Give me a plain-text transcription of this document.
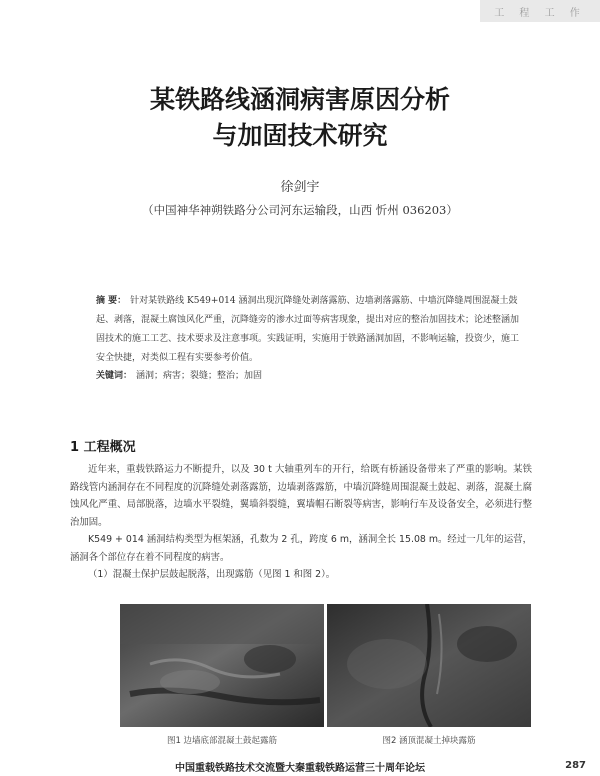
工 程 工 作
某铁路线涵洞病害原因分析
与加固技术研究
徐剑宇
（中国神华神朔铁路分公司河东运输段，山西 忻州 036203）
摘 要： 针对某铁路线 K549+014 涵洞出现沉降缝处剥落露筋、边墙剥落露筋、中墙沉降缝周围混凝土鼓起、剥落，混凝土腐蚀风化严重，沉降缝旁的渗水过面等病害现象，提出对应的整治加固技术；论述整涵加固技术的施工工艺、技术要求及注意事项。实践证明，实施用于铁路涵洞加固，不影响运输，投资少，施工安全快捷，对类似工程有实要参考价值。
关键词： 涵洞；病害；裂缝；整治；加固
1 工程概况

近年来，重载铁路运力不断提升，以及 30 t 大轴重列车的开行，给既有桥涵设备带来了严重的影响。某铁路线管内涵洞存在不同程度的沉降缝处剥落露筋，边墙剥落露筋，中墙沉降缝周围混凝土鼓起、剥落，混凝土腐蚀风化严重、局部脱落，边墙水平裂缝，翼墙斜裂缝，翼墙帽石断裂等病害，影响行车及设备安全，必须进行整治加固。

K549 + 014 涵洞结构类型为框架涵，孔数为 2 孔，跨度 6 m，涵洞全长 15.08 m。经过一几年的运营，涵洞各个部位存在着不同程度的病害。

（1）混凝土保护层鼓起脱落，出现露筋（见图 1 和图 2）。

图1 边墙底部混凝土鼓起露筋	图2 涵顶混凝土掉块露筋
中国重载铁路技术交流暨大秦重载铁路运营三十周年论坛	287
